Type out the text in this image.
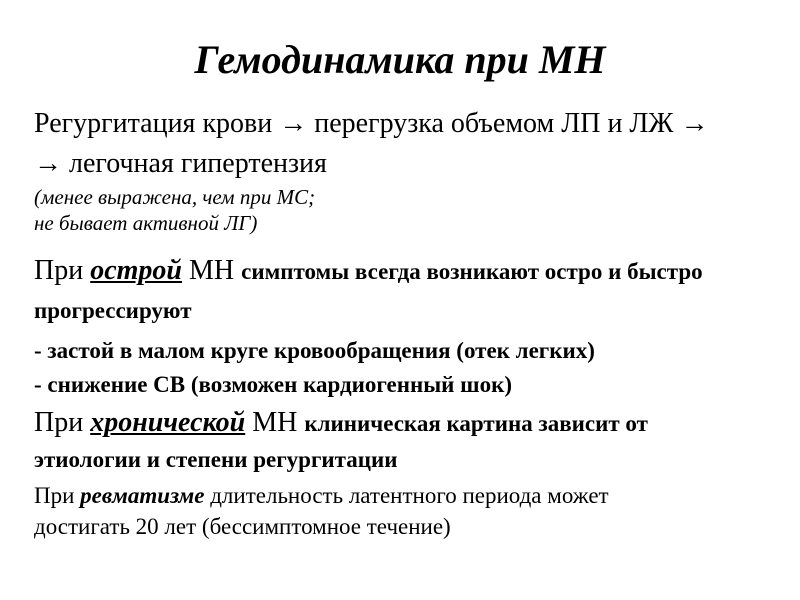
Гемодинамика при МН
Регургитация крови → перегрузка объемом ЛП и ЛЖ →
→ легочная гипертензия
(менее выражена, чем при МС;
не бывает активной ЛГ)
При острой МН симптомы всегда возникают остро и быстро
прогрессируют
- застой в малом круге кровообращения (отек легких)
- снижение СВ (возможен кардиогенный шок)
При хронической МН клиническая картина зависит от
этиологии и степени регургитации
При ревматизме длительность латентного периода может
достигать 20 лет (бессимптомное течение)
